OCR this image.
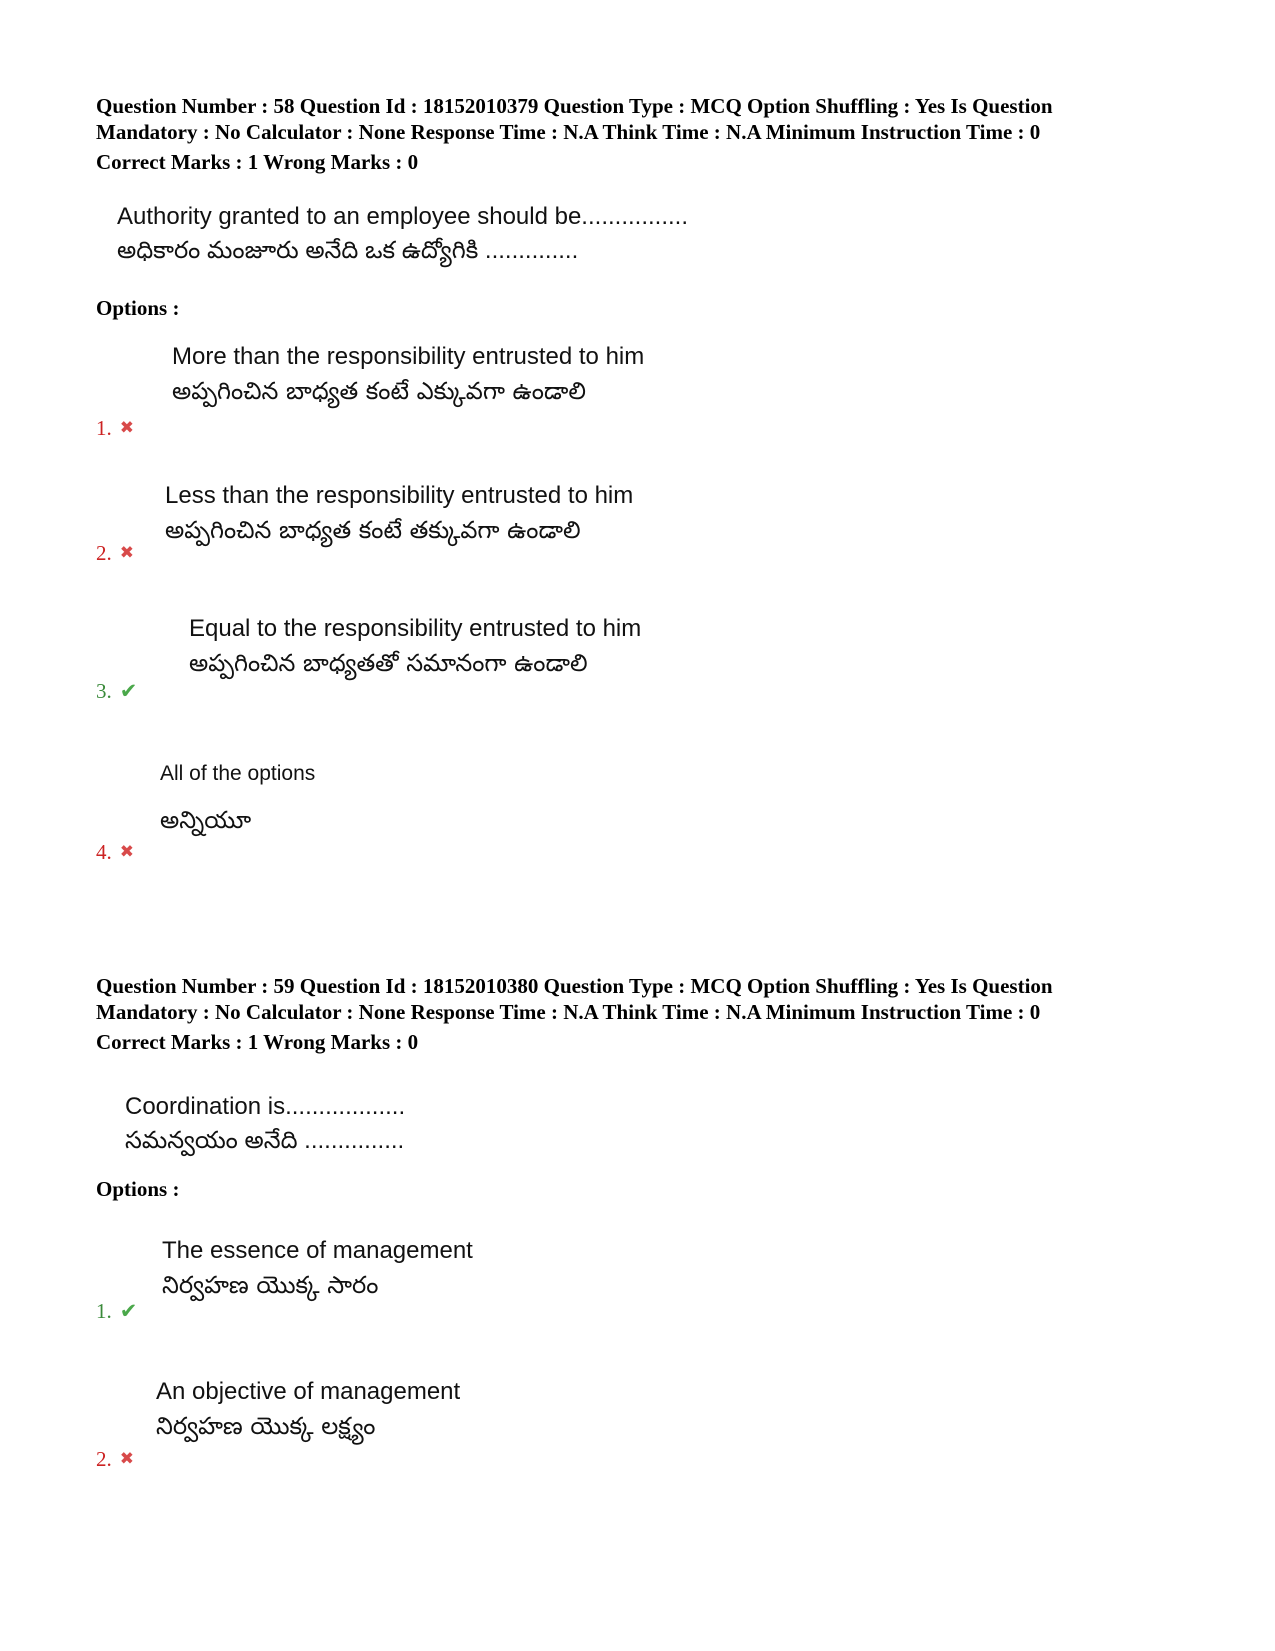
Question Number : 58 Question Id : 18152010379 Question Type : MCQ Option Shuffling : Yes Is Question
Mandatory : No Calculator : None Response Time : N.A Think Time : N.A Minimum Instruction Time : 0
Correct Marks : 1 Wrong Marks : 0
Authority granted to an employee should be................
అధికారం మంజూరు అనేది ఒక ఉద్యోగికి ..............
Options :
More than the responsibility entrusted to him
అప్పగించిన బాధ్యత కంటే ఎక్కువగా ఉండాలి
1. ✖
Less than the responsibility entrusted to him
అప్పగించిన బాధ్యత కంటే తక్కువగా ఉండాలి
2. ✖
Equal to the responsibility entrusted to him
అప్పగించిన బాధ్యతతో సమానంగా ఉండాలి
3. ✔
All of the options
అన్నియూ
4. ✖
Question Number : 59 Question Id : 18152010380 Question Type : MCQ Option Shuffling : Yes Is Question
Mandatory : No Calculator : None Response Time : N.A Think Time : N.A Minimum Instruction Time : 0
Correct Marks : 1 Wrong Marks : 0
Coordination is..................
సమన్వయం అనేది ...............
Options :
The essence of management
నిర్వహణ యొక్క సారం
1. ✔
An objective of management
నిర్వహణ యొక్క లక్ష్యం
2. ✖
